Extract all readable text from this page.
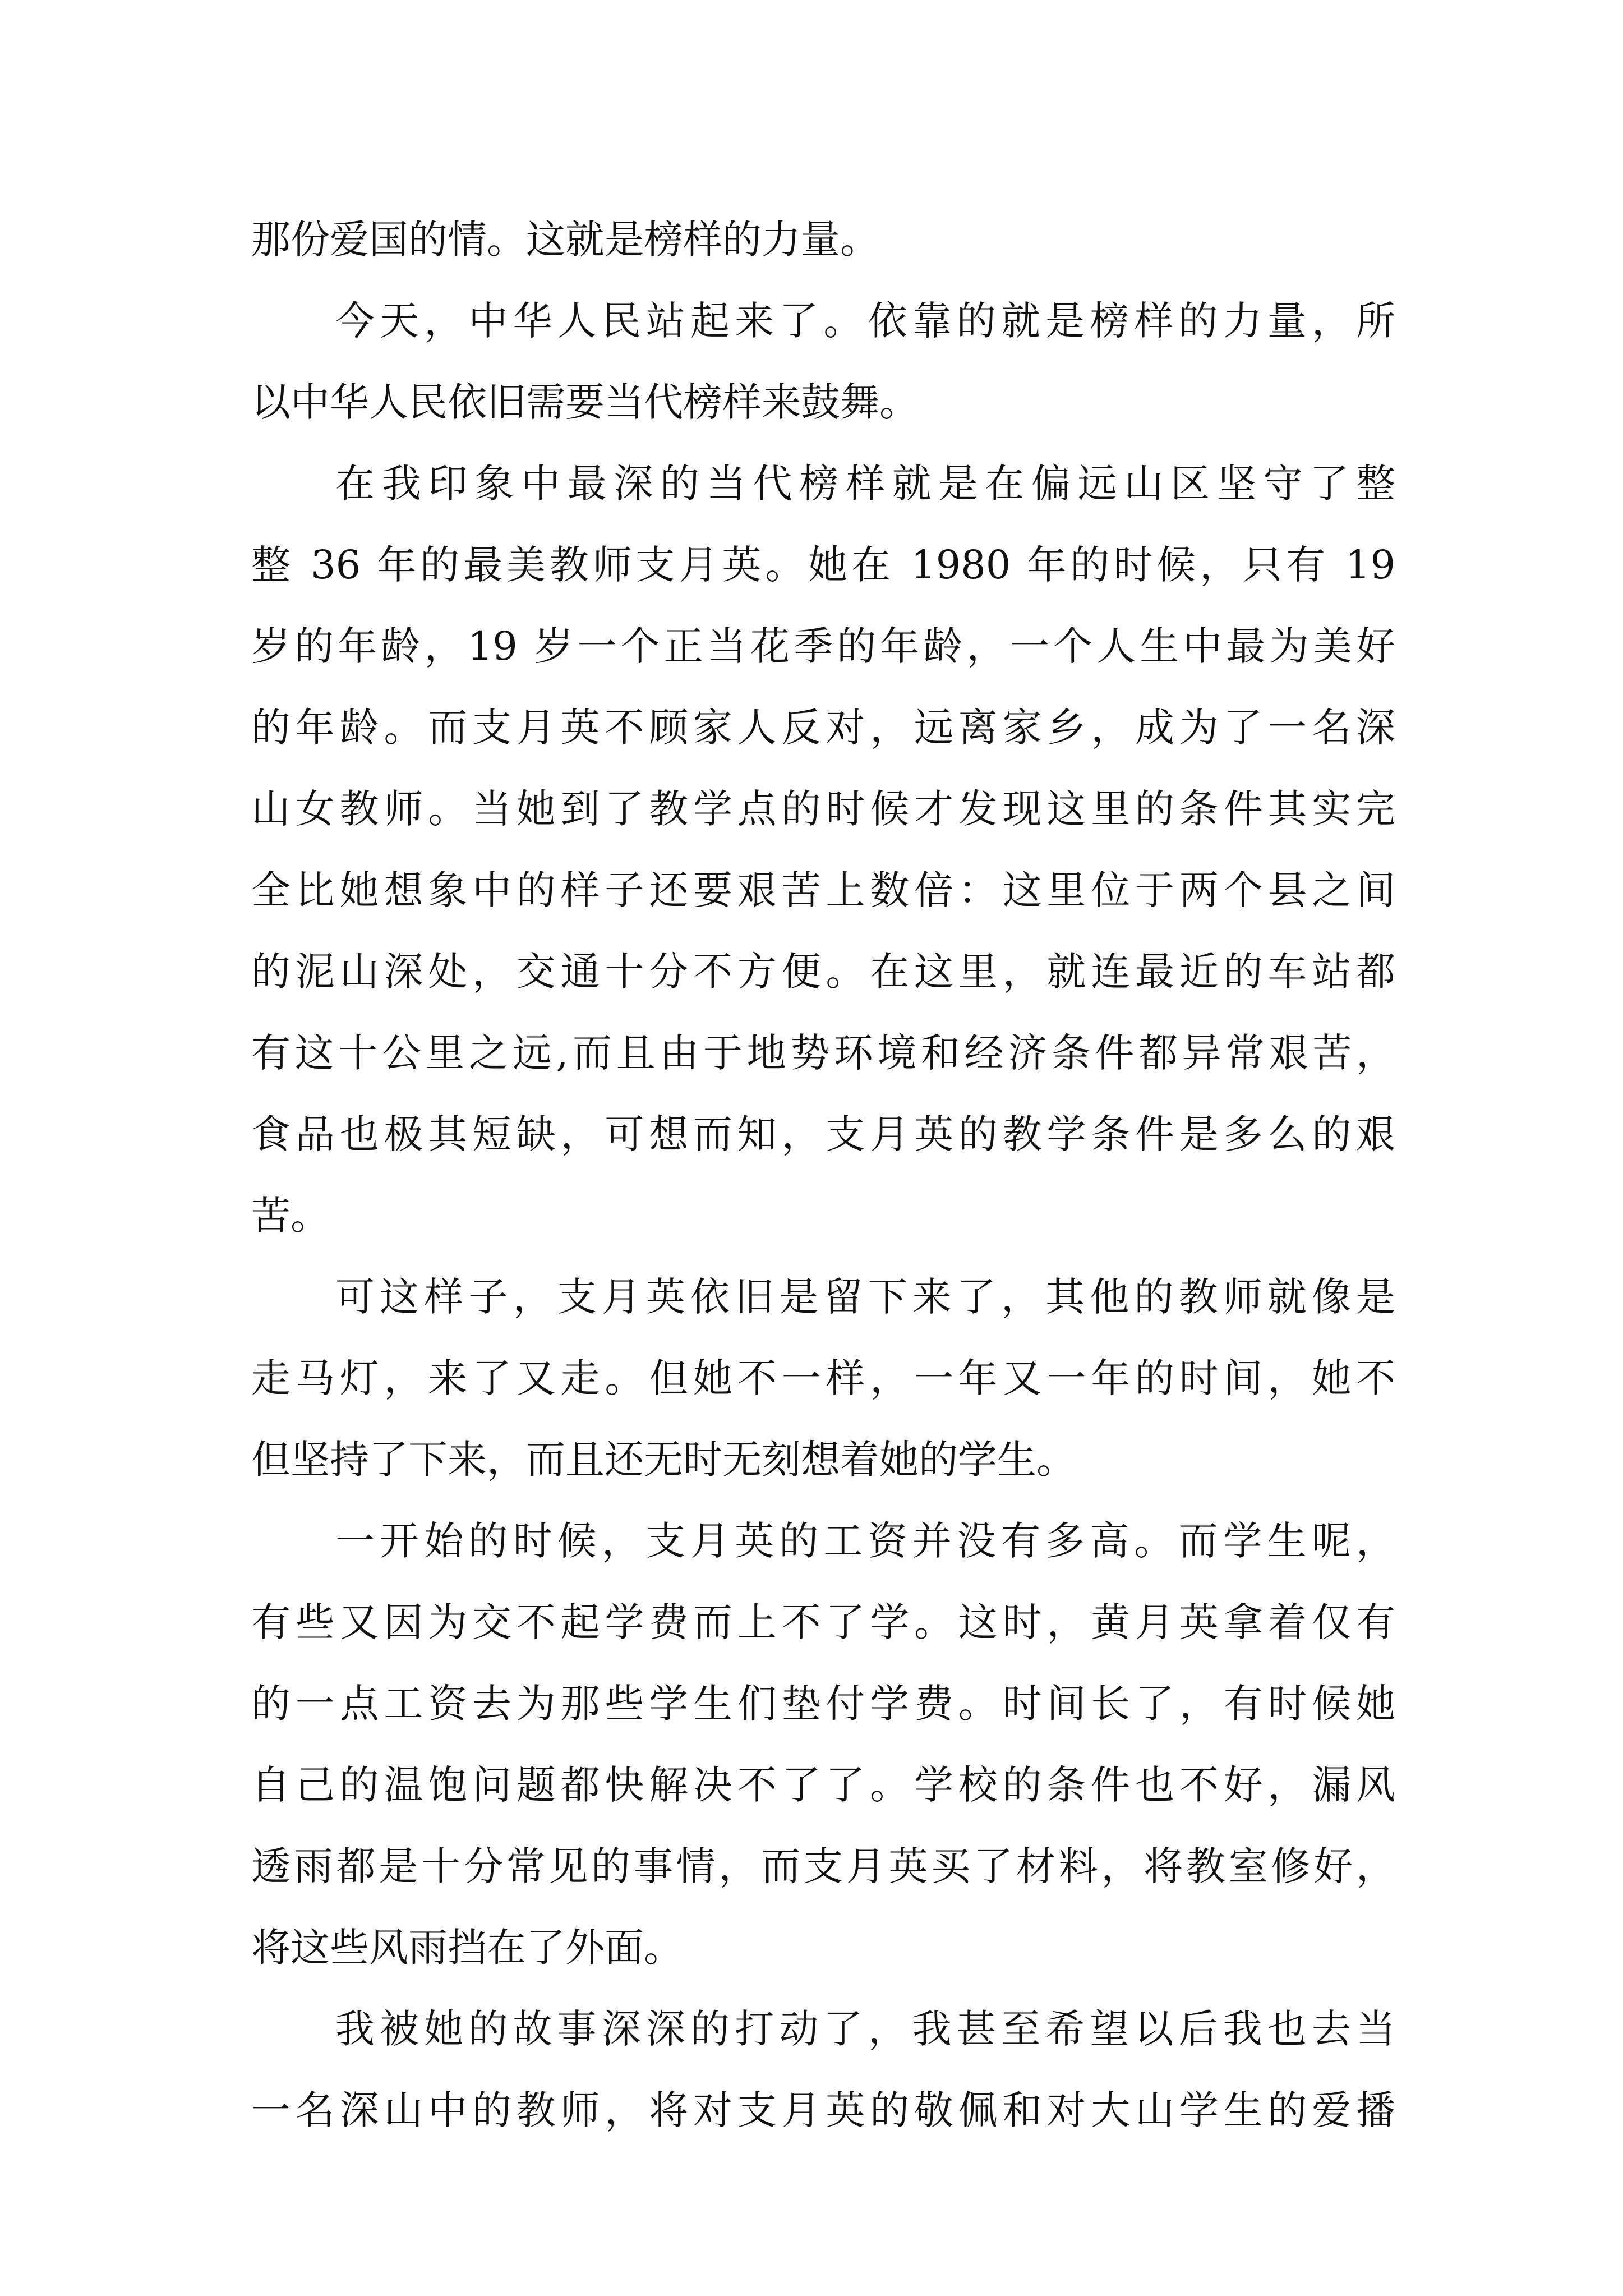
那份爱国的情。这就是榜样的力量。
今天，中华人民站起来了。依靠的就是榜样的力量，所
以中华人民依旧需要当代榜样来鼓舞。
在我印象中最深的当代榜样就是在偏远山区坚守了整
整 36 年的最美教师支月英。她在 1980 年的时候，只有 19
岁的年龄，19 岁一个正当花季的年龄，一个人生中最为美好
的年龄。而支月英不顾家人反对，远离家乡，成为了一名深
山女教师。当她到了教学点的时候才发现这里的条件其实完
全比她想象中的样子还要艰苦上数倍：这里位于两个县之间
的泥山深处，交通十分不方便。在这里，就连最近的车站都
有这十公里之远,而且由于地势环境和经济条件都异常艰苦，
食品也极其短缺，可想而知，支月英的教学条件是多么的艰
苦。
可这样子，支月英依旧是留下来了，其他的教师就像是
走马灯，来了又走。但她不一样，一年又一年的时间，她不
但坚持了下来，而且还无时无刻想着她的学生。
一开始的时候，支月英的工资并没有多高。而学生呢，
有些又因为交不起学费而上不了学。这时，黄月英拿着仅有
的一点工资去为那些学生们垫付学费。时间长了，有时候她
自己的温饱问题都快解决不了了。学校的条件也不好，漏风
透雨都是十分常见的事情，而支月英买了材料，将教室修好，
将这些风雨挡在了外面。
我被她的故事深深的打动了，我甚至希望以后我也去当
一名深山中的教师，将对支月英的敬佩和对大山学生的爱播
